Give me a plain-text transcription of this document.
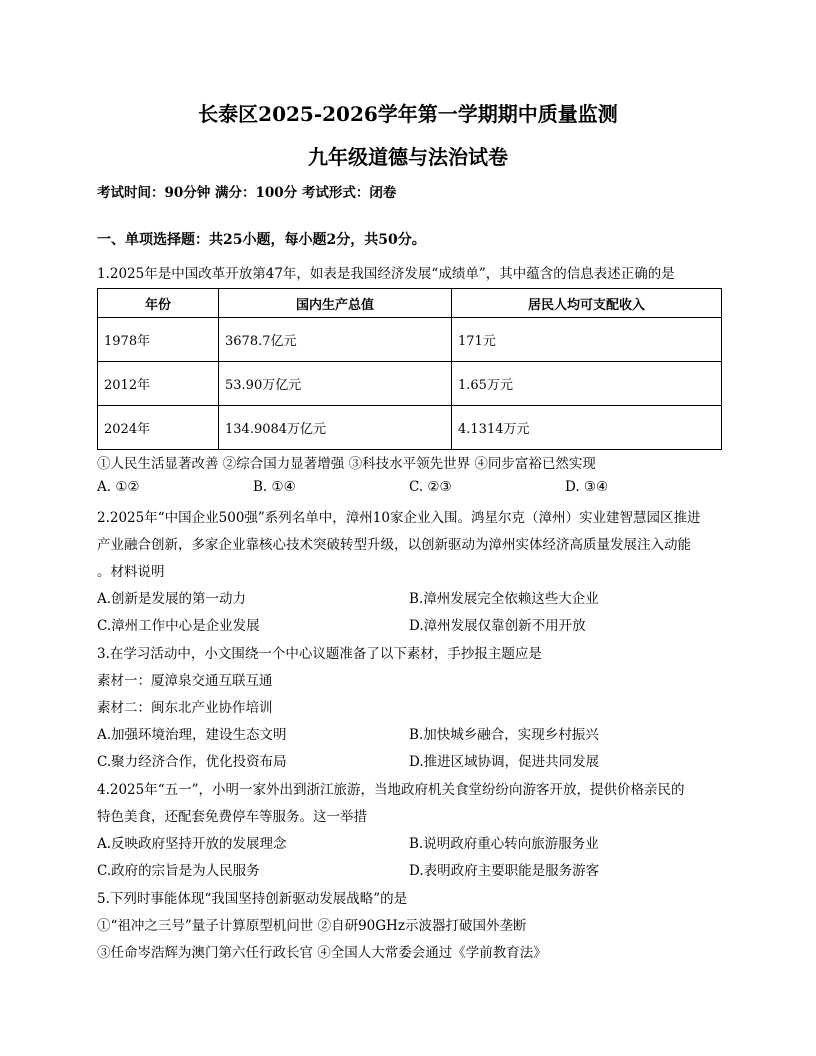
长泰区2025-2026学年第一学期期中质量监测
九年级道德与法治试卷
考试时间：90分钟 满分：100分 考试形式：闭卷
一、单项选择题：共25小题，每小题2分，共50分。
1.2025年是中国改革开放第47年，如表是我国经济发展“成绩单”，其中蕴含的信息表述正确的是
年份	国内生产总值	居民人均可支配收入
1978年	3678.7亿元	171元
2012年	53.90万亿元	1.65万元
2024年	134.9084万亿元	4.1314万元
①人民生活显著改善 ②综合国力显著增强 ③科技水平领先世界 ④同步富裕已然实现
A. ①②	B. ①④	C. ②③	D. ③④
2.2025年“中国企业500强”系列名单中，漳州10家企业入围。鸿星尔克（漳州）实业建智慧园区推进
产业融合创新，多家企业靠核心技术突破转型升级，以创新驱动为漳州实体经济高质量发展注入动能
。材料说明
A.创新是发展的第一动力	B.漳州发展完全依赖这些大企业
C.漳州工作中心是企业发展	D.漳州发展仅靠创新不用开放
3.在学习活动中，小文围绕一个中心议题准备了以下素材，手抄报主题应是
素材一：厦漳泉交通互联互通
素材二：闽东北产业协作培训
A.加强环境治理，建设生态文明	B.加快城乡融合，实现乡村振兴
C.聚力经济合作，优化投资布局	D.推进区域协调，促进共同发展
4.2025年“五一”，小明一家外出到浙江旅游，当地政府机关食堂纷纷向游客开放，提供价格亲民的
特色美食，还配套免费停车等服务。这一举措
A.反映政府坚持开放的发展理念	B.说明政府重心转向旅游服务业
C.政府的宗旨是为人民服务	D.表明政府主要职能是服务游客
5.下列时事能体现“我国坚持创新驱动发展战略”的是
①“祖冲之三号”量子计算原型机问世 ②自研90GHz示波器打破国外垄断
③任命岑浩辉为澳门第六任行政长官 ④全国人大常委会通过《学前教育法》
